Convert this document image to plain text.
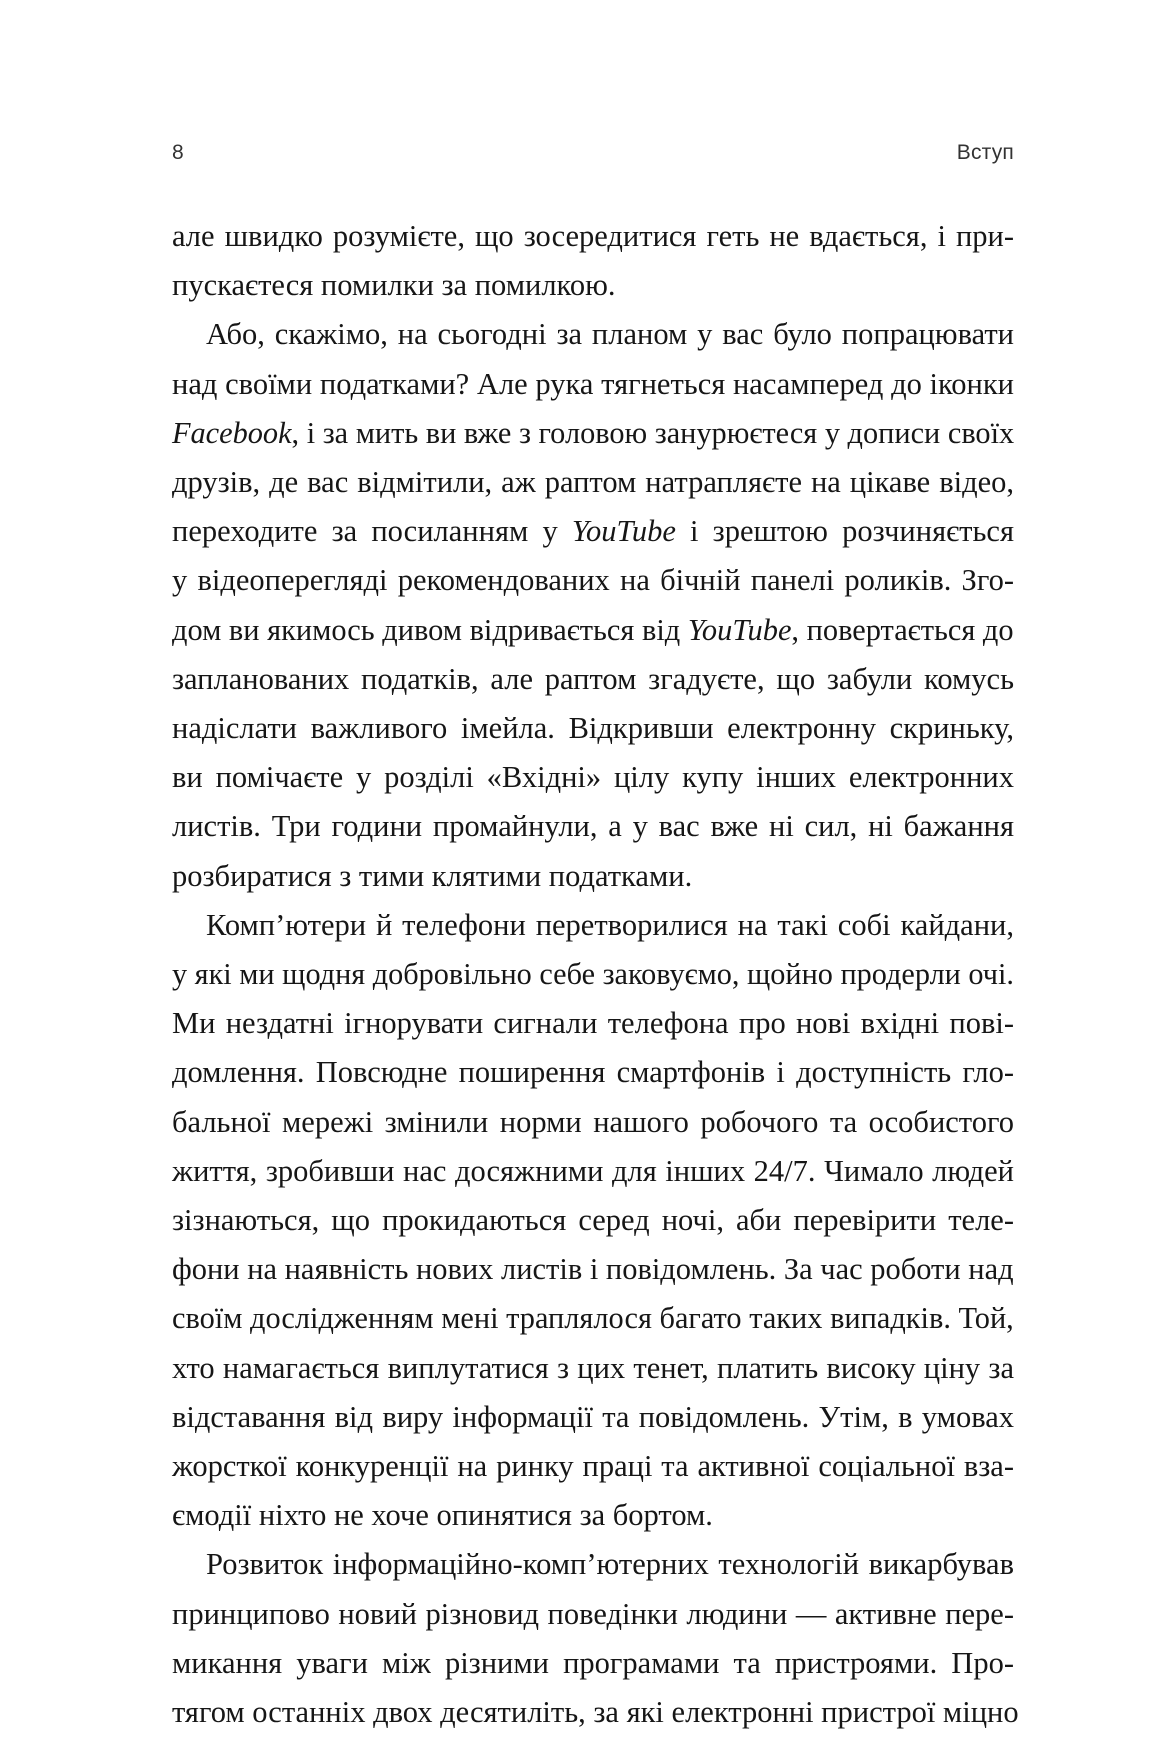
8	Вступ

але швидко розумієте, що зосередитися геть не вдається, і при-
пускаєтеся помилки за помилкою.

Або, скажімо, на сьогодні за планом у вас було попрацювати
над своїми податками? Але рука тягнеться насамперед до іконки
Facebook, і за мить ви вже з головою занурюєтеся у дописи своїх
друзів, де вас відмітили, аж раптом натрапляєте на цікаве відео,
переходите за посиланням у YouTube і зрештою розчиняється
у відеопереглядi рекомендованих на бічній панелі роликів. Зго-
дом ви якимось дивом відривається від YouTube, повертається до
запланованих податків, але раптом згадуєте, що забули комусь
надіслати важливого імейла. Відкривши електронну скриньку,
ви помічаєте у розділі «Вхідні» цілу купу інших електронних
листів. Три години промайнули, а у вас вже ні сил, ні бажання
розбиратися з тими клятими податками.

Комп’ютери й телефони перетворилися на такі собі кайдани,
у які ми щодня добровільно себе заковуємо, щойно продерли очі.
Ми нездатні ігнорувати сигнали телефона про нові вхідні пові-
домлення. Повсюдне поширення смартфонів і доступність гло-
бальної мережі змінили норми нашого робочого та особистого
життя, зробивши нас досяжними для інших 24/7. Чимало людей
зізнаються, що прокидаються серед ночі, аби перевірити теле-
фони на наявність нових листів і повідомлень. За час роботи над своїм дослідженням мені траплялося багато таких випадків. Той,
хто намагається виплутатися з цих тенет, платить високу ціну за
відставання від виру інформації та повідомлень. Утім, в умовах
жорсткої конкуренції на ринку праці та активної соціальної вза-
ємодії ніхто не хоче опинятися за бортом.

Розвиток інформаційно-комп’ютерних технологій викарбував
принципово новий різновид поведінки людини — активне пере-
микання уваги між різними програмами та пристроями. Про-
тягом останніх двох десятиліть, за які електронні пристрої міцно
